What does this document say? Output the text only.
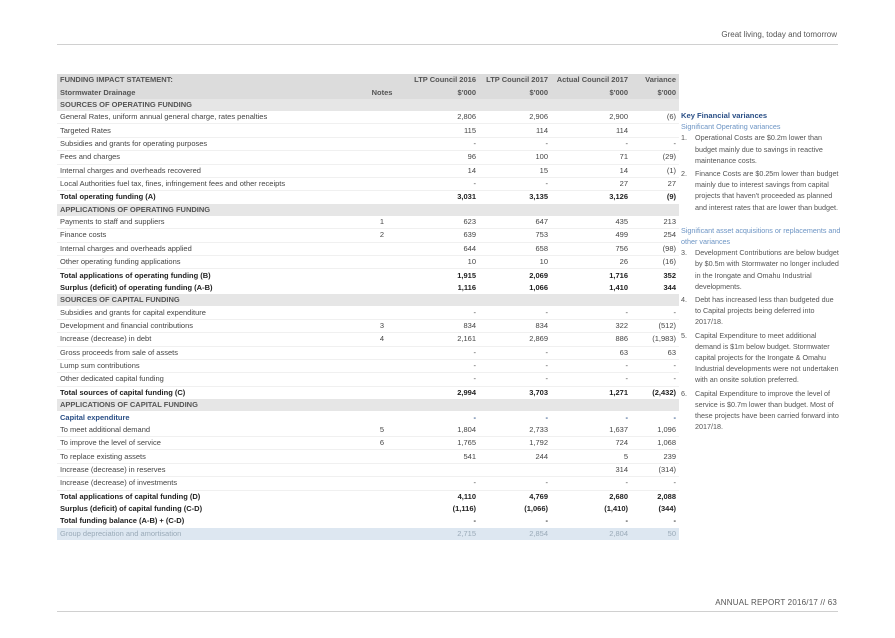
Great living, today and tomorrow
FUNDING IMPACT STATEMENT:		LTP Council 2016	LTP Council 2017	Actual Council 2017	Variance
Stormwater Drainage	Notes	$'000	$'000	$'000	$'000
SOURCES OF OPERATING FUNDING					
General Rates, uniform annual general charge, rates penalties		2,806	2,906	2,900	(6)
Targeted Rates		115	114	114	
Subsidies and grants for operating purposes		-	-	-	-
Fees and charges		96	100	71	(29)
Internal charges and overheads recovered		14	15	14	(1)
Local Authorities fuel tax, fines, infringement fees and other receipts		-	-	27	27
Total operating funding (A)		3,031	3,135	3,126	(9)
APPLICATIONS OF OPERATING FUNDING					
Payments to staff and suppliers	1	623	647	435	213
Finance costs	2	639	753	499	254
Internal charges and overheads applied		644	658	756	(98)
Other operating funding applications		10	10	26	(16)
Total applications of operating funding (B)		1,915	2,069	1,716	352
Surplus (deficit) of operating funding (A-B)		1,116	1,066	1,410	344
SOURCES OF CAPITAL FUNDING					
Subsidies and grants for capital expenditure		-	-	-	-
Development and financial contributions	3	834	834	322	(512)
Increase (decrease) in debt	4	2,161	2,869	886	(1,983)
Gross proceeds from sale of assets		-	-	63	63
Lump sum contributions		-	-	-	-
Other dedicated capital funding		-	-	-	-
Total sources of capital funding (C)		2,994	3,703	1,271	(2,432)
APPLICATIONS OF CAPITAL FUNDING					
Capital expenditure		-	-	-	-
To meet additional demand	5	1,804	2,733	1,637	1,096
To improve the level of service	6	1,765	1,792	724	1,068
To replace existing assets		541	244	5	239
Increase (decrease) in reserves				314	(314)
Increase (decrease) of investments		-	-	-	-
Total applications of capital funding (D)		4,110	4,769	2,680	2,088
Surplus (deficit) of capital funding (C-D)		(1,116)	(1,066)	(1,410)	(344)
Total funding balance (A-B) + (C-D)		-	-	-	-
Group depreciation and amortisation		2,715	2,854	2,804	50
Key Financial variances
Significant Operating variances
1. Operational Costs are $0.2m lower than budget mainly due to savings in reactive maintenance costs.
2. Finance Costs are $0.25m lower than budget mainly due to interest savings from capital projects that haven't proceeded as planned and interest rates that are lower than budget.
Significant asset acquisitions or replacements and other variances
3. Development Contributions are below budget by $0.5m with Stormwater no longer included in the Irongate and Omahu Industrial developments.
4. Debt has increased less than budgeted due to Capital projects being deferred into 2017/18.
5. Capital Expenditure to meet additional demand is $1m below budget. Stormwater capital projects for the Irongate & Omahu Industrial developments were not undertaken with an onsite solution preferred.
6. Capital Expenditure to improve the level of service is $0.7m lower than budget. Most of these projects have been carried forward into 2017/18.
ANNUAL REPORT 2016/17 // 63
